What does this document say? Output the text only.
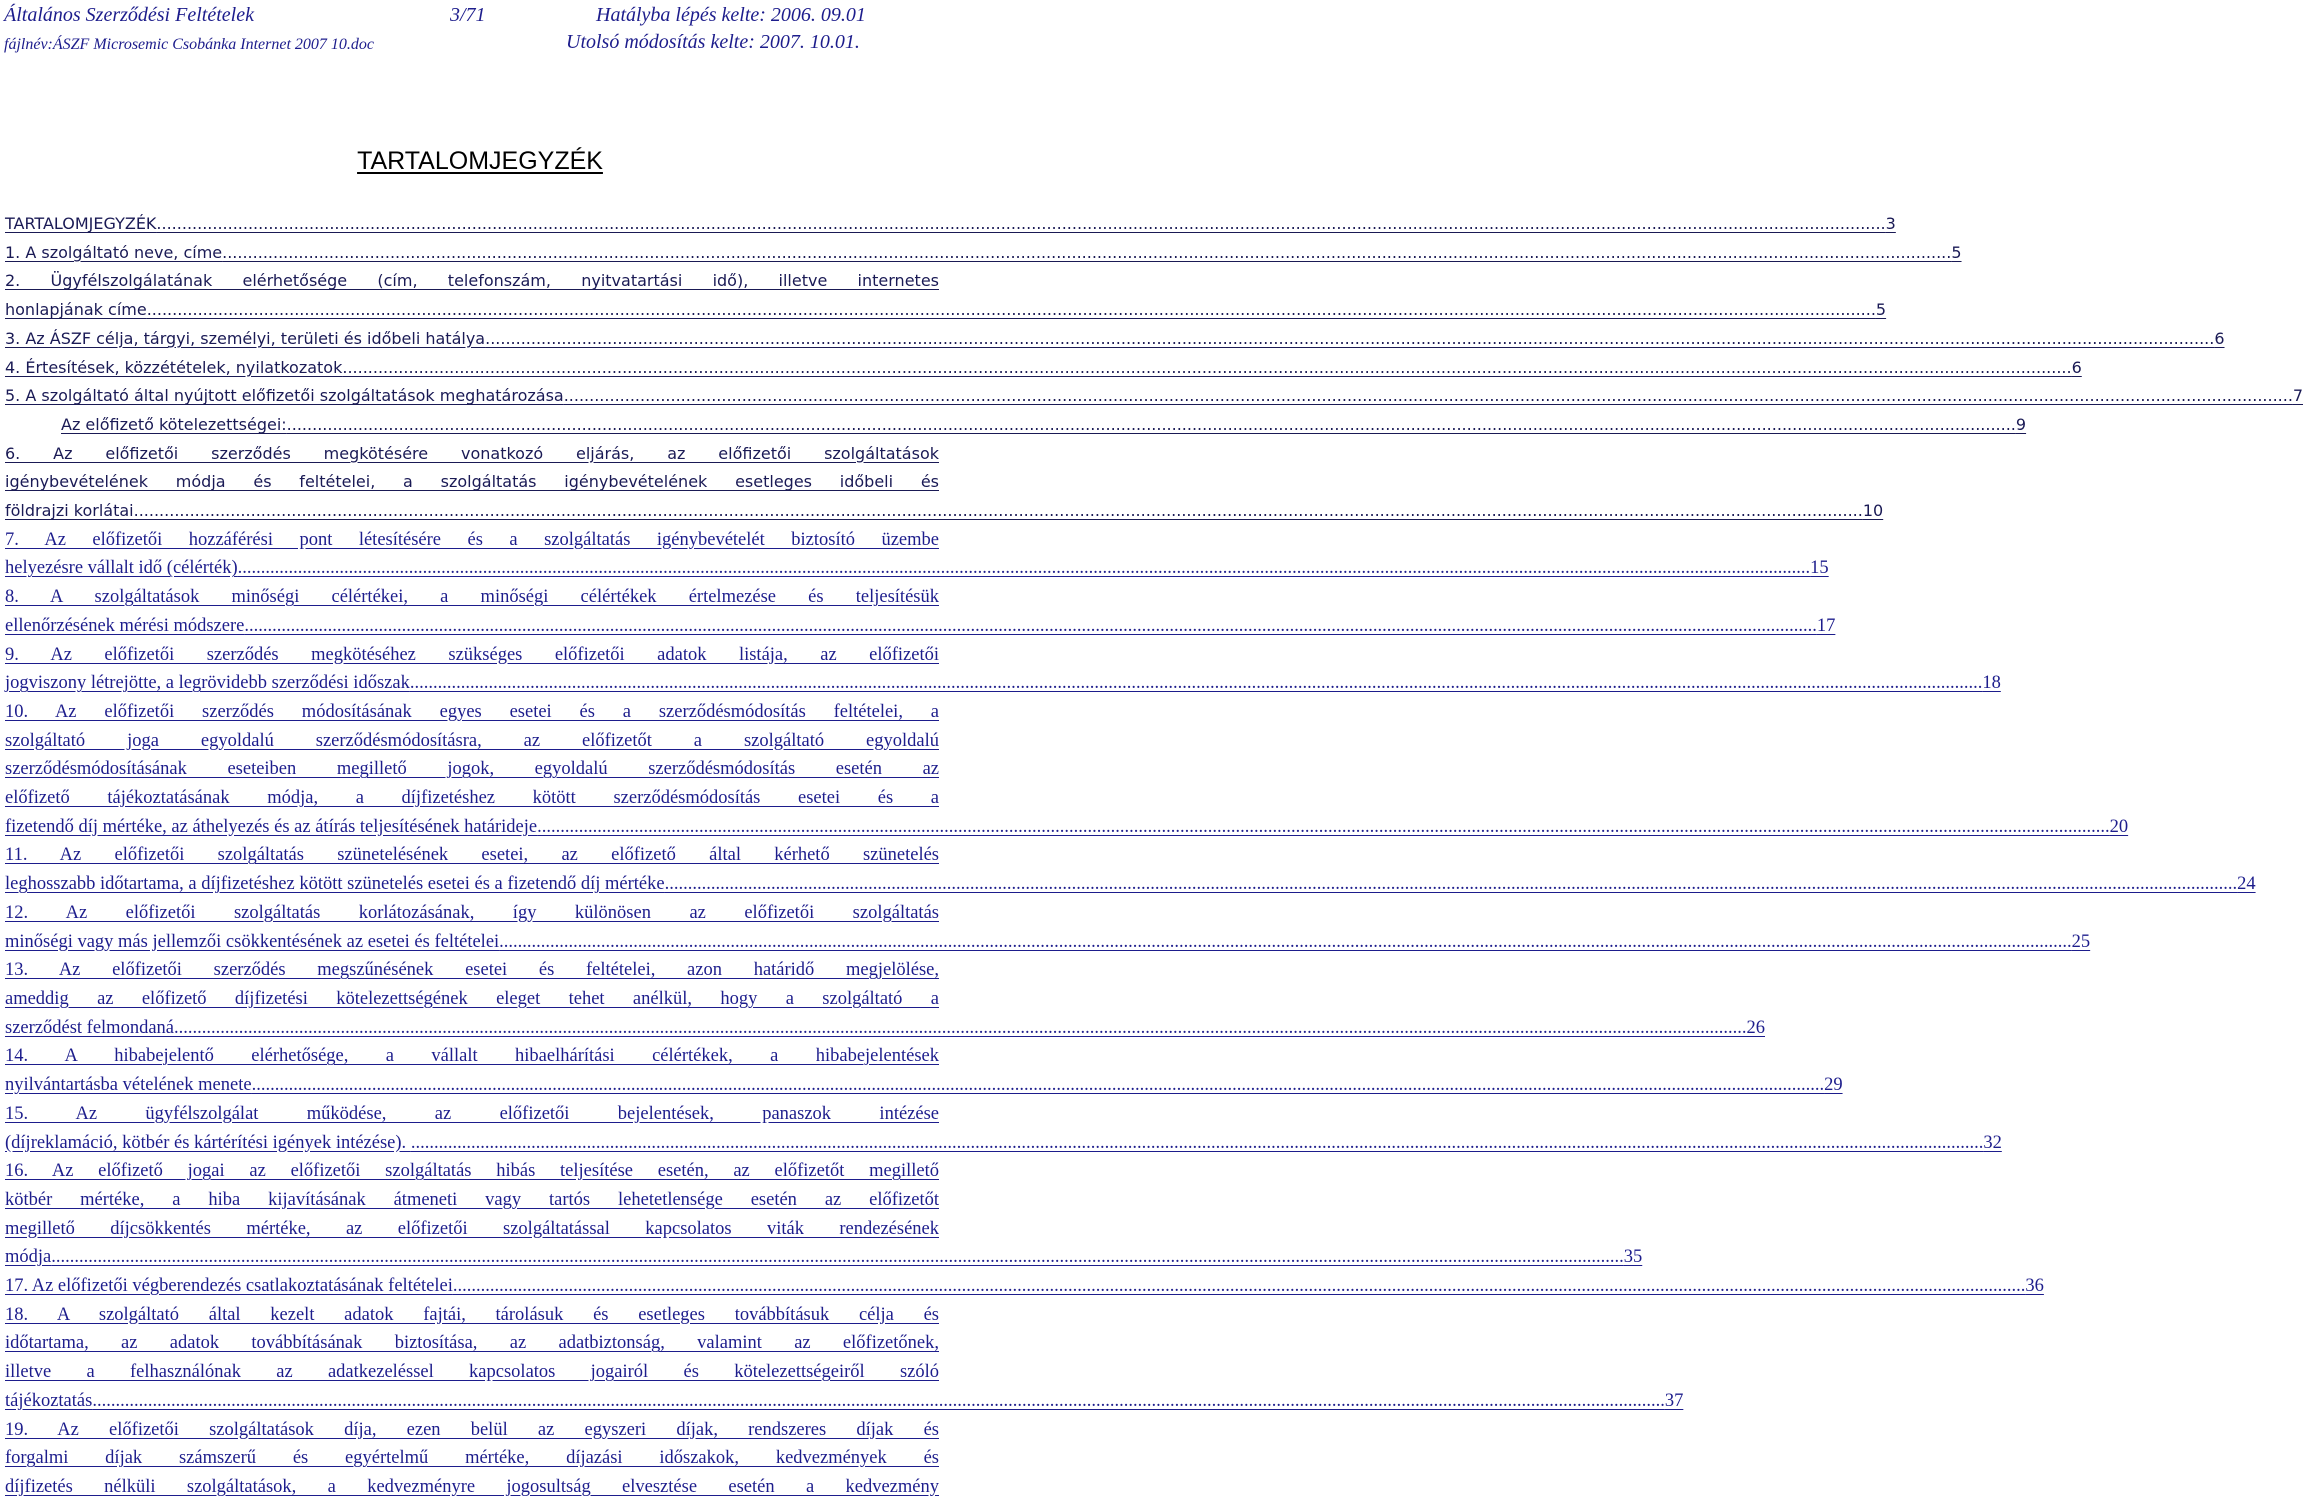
Általános Szerződési Feltételek	3/71	Hatályba lépés kelte: 2006. 09.01
fájlnév:ÁSZF Microsemic Csobánka Internet 2007 10.doc	Utolsó módosítás kelte: 2007. 10.01.
TARTALOMJEGYZÉK
TARTALOMJEGYZÉK .....	3
1. A szolgáltató neve, címe .....	5
2. Ügyfélszolgálatának elérhetősége (cím, telefonszám, nyitvatartási idő), illetve internetes
honlapjának címe .....	5
3. Az ÁSZF célja, tárgyi, személyi, területi és időbeli hatálya .....	6
4. Értesítések, közzétételek, nyilatkozatok .....	6
5. A szolgáltató által nyújtott előfizetői szolgáltatások meghatározása .....	7
Az előfizető kötelezettségei: .....	9
6. Az előfizetői szerződés megkötésére vonatkozó eljárás, az előfizetői szolgáltatások
igénybevételének módja és feltételei, a szolgáltatás igénybevételének esetleges időbeli és
földrajzi korlátai .....	10
7. Az előfizetői hozzáférési pont létesítésére és a szolgáltatás igénybevételét biztosító üzembe
helyezésre vállalt idő (célérték) .....	15
8. A szolgáltatások minőségi célértékei, a minőségi célértékek értelmezése és teljesítésük
ellenőrzésének mérési módszere .....	17
9. Az előfizetői szerződés megkötéséhez szükséges előfizetői adatok listája, az előfizetői
jogviszony létrejötte, a legrövidebb szerződési időszak .....	18
10. Az előfizetői szerződés módosításának egyes esetei és a szerződésmódosítás feltételei, a
szolgáltató joga egyoldalú szerződésmódosításra, az előfizetőt a szolgáltató egyoldalú
szerződésmódosításának eseteiben megillető jogok, egyoldalú szerződésmódosítás esetén az
előfizető tájékoztatásának módja, a díjfizetéshez kötött szerződésmódosítás esetei és a
fizetendő díj mértéke, az áthelyezés és az átírás teljesítésének határideje .....	20
11. Az előfizetői szolgáltatás szünetelésének esetei, az előfizető által kérhető szünetelés
leghosszabb időtartama, a díjfizetéshez kötött szünetelés esetei és a fizetendő díj mértéke .....	24
12. Az előfizetői szolgáltatás korlátozásának, így különösen az előfizetői szolgáltatás
minőségi vagy más jellemzői csökkentésének az esetei és feltételei .....	25
13. Az előfizetői szerződés megszűnésének esetei és feltételei, azon határidő megjelölése,
ameddig az előfizető díjfizetési kötelezettségének eleget tehet anélkül, hogy a szolgáltató a
szerződést felmondaná .....	26
14. A hibabejelentő elérhetősége, a vállalt hibaelhárítási célértékek, a hibabejelentések
nyilvántartásba vételének menete .....	29
15. Az ügyfélszolgálat működése, az előfizetői bejelentések, panaszok intézése
(díjreklamáció, kötbér és kártérítési igények intézése). .....	32
16. Az előfizető jogai az előfizetői szolgáltatás hibás teljesítése esetén, az előfizetőt megillető
kötbér mértéke, a hiba kijavításának átmeneti vagy tartós lehetetlensége esetén az előfizetőt
megillető díjcsökkentés mértéke, az előfizetői szolgáltatással kapcsolatos viták rendezésének
módja .....	35
17. Az előfizetői végberendezés csatlakoztatásának feltételei .....	36
18. A szolgáltató által kezelt adatok fajtái, tárolásuk és esetleges továbbításuk célja és
időtartama, az adatok továbbításának biztosítása, az adatbiztonság, valamint az előfizetőnek,
illetve a felhasználónak az adatkezeléssel kapcsolatos jogairól és kötelezettségeiről szóló
tájékoztatás .....	37
19. Az előfizetői szolgáltatások díja, ezen belül az egyszeri díjak, rendszeres díjak és
forgalmi díjak számszerű és egyértelmű mértéke, díjazási időszakok, kedvezmények és
díjfizetés nélküli szolgáltatások, a kedvezményre jogosultság elvesztése esetén a kedvezmény
